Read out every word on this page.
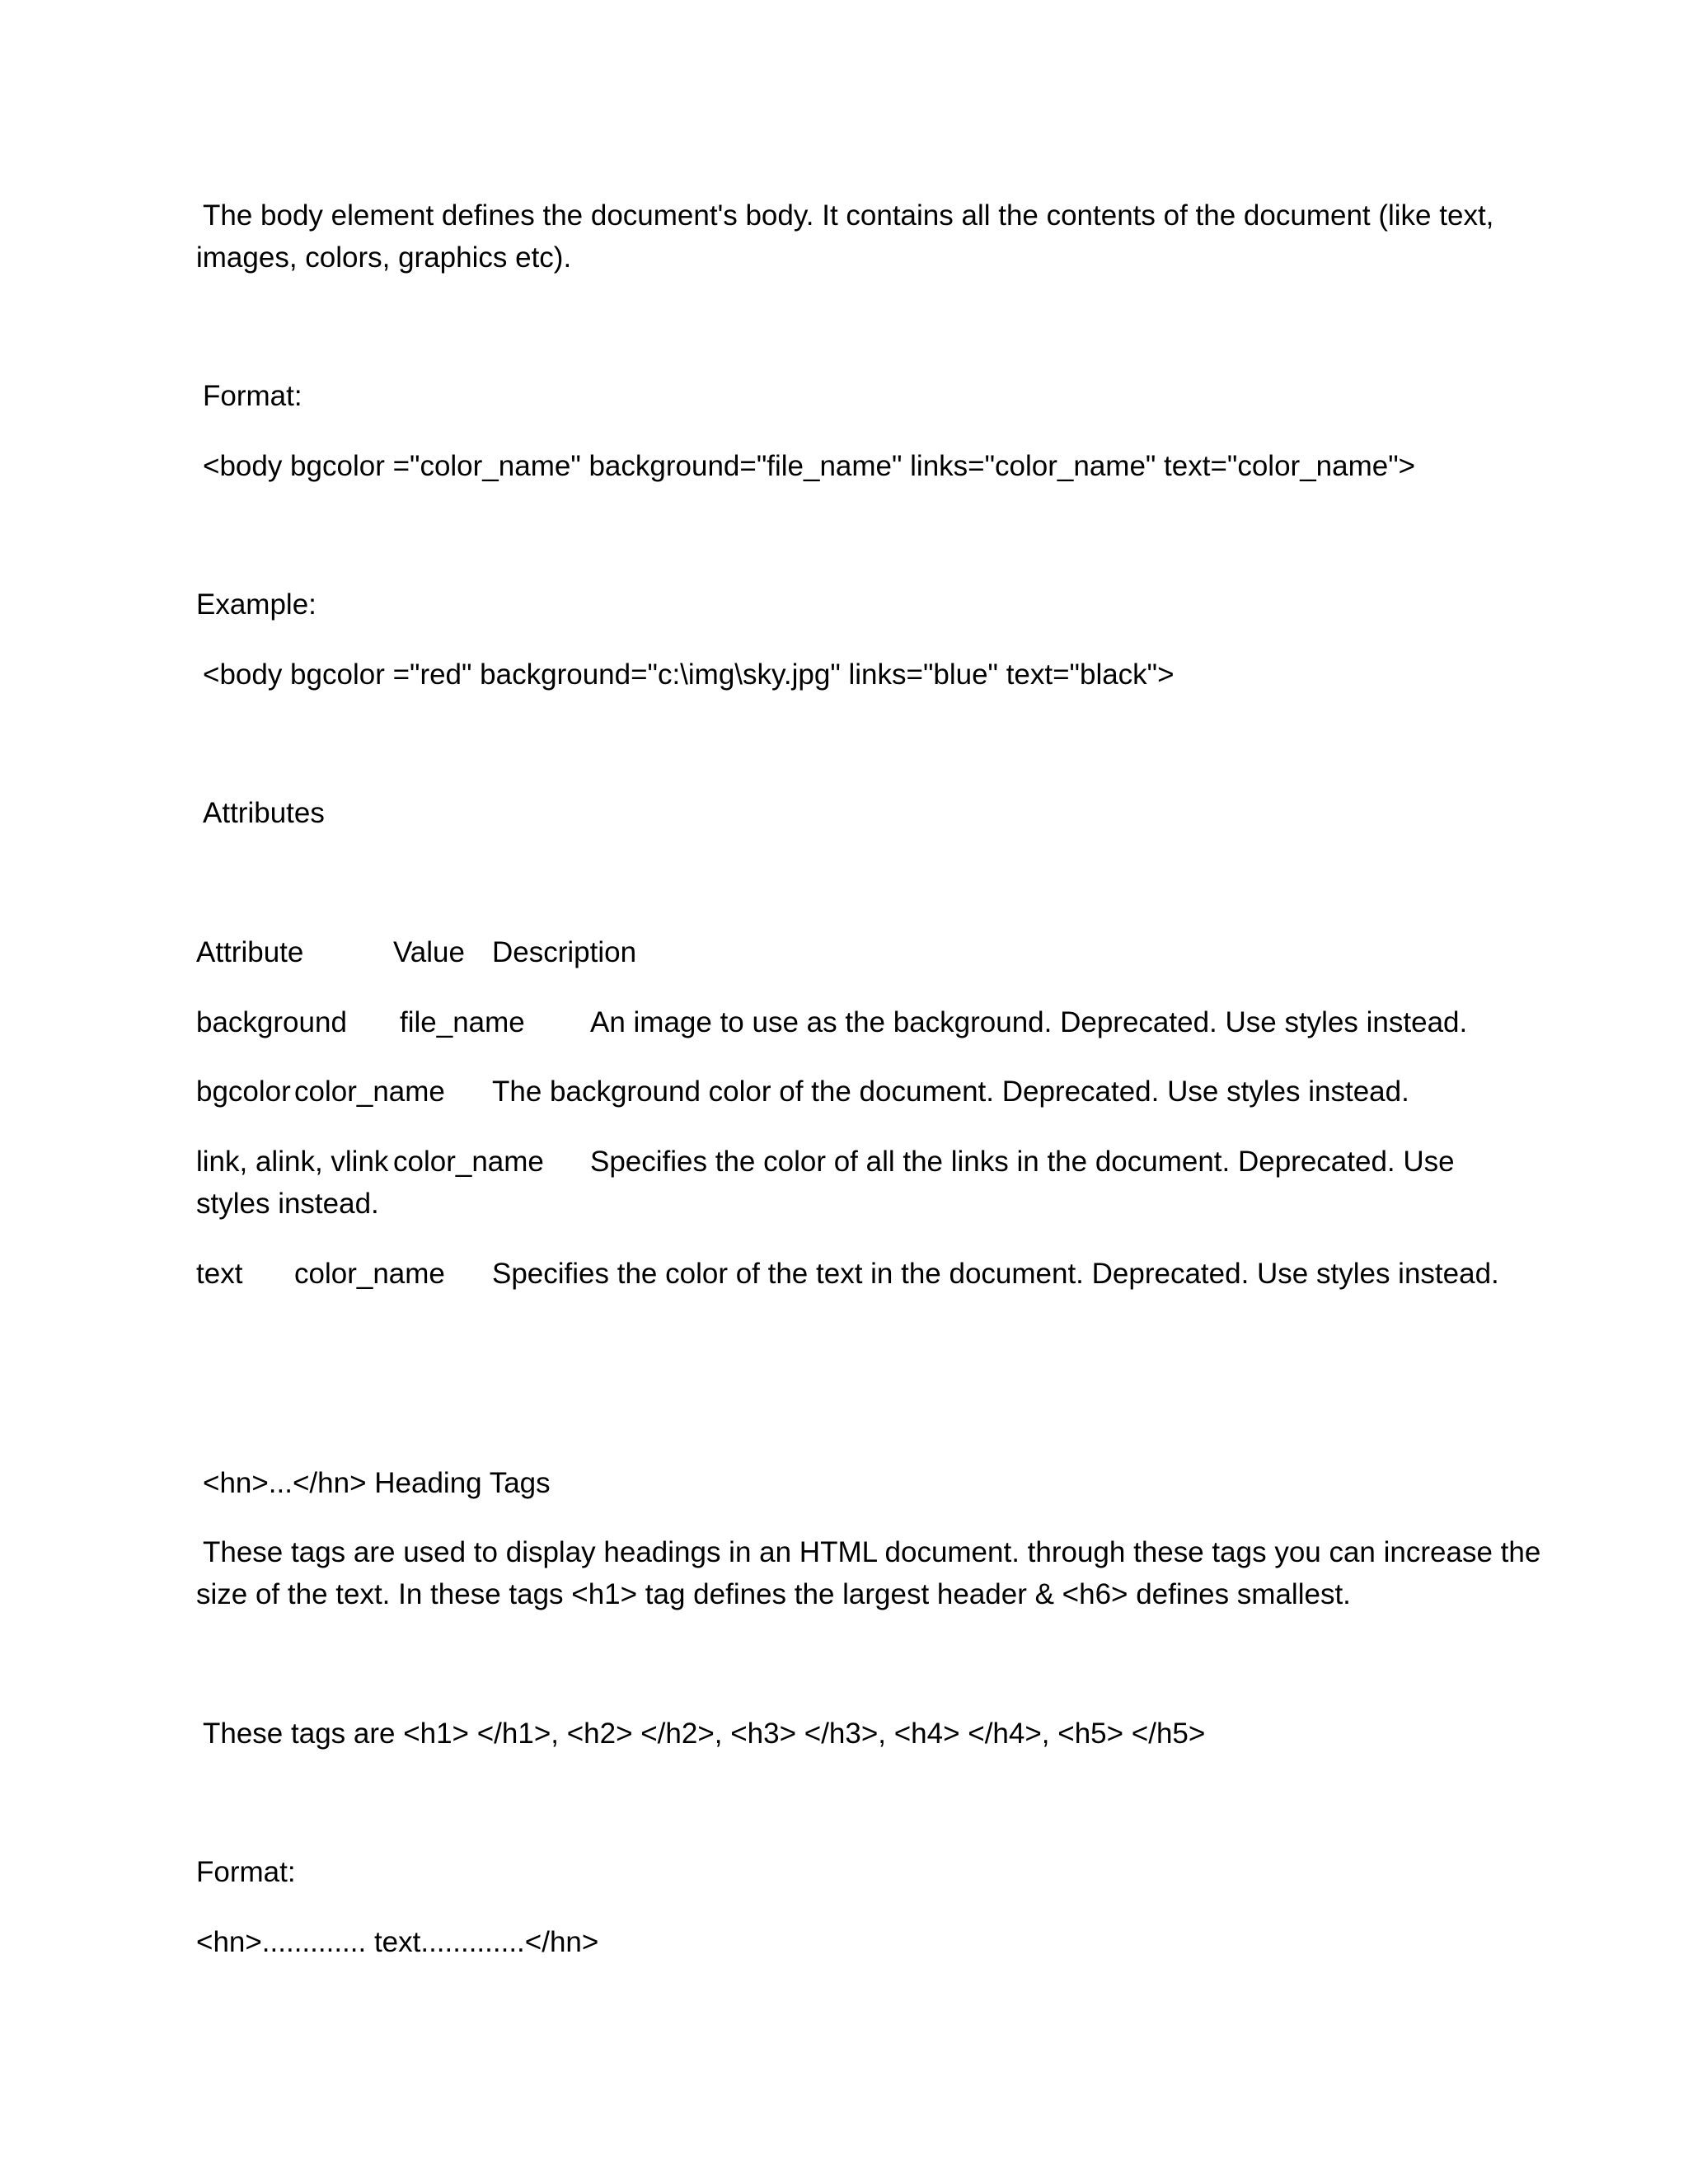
The body element defines the document's body. It contains all the contents of the document (like text,

images, colors, graphics etc).

Format:

<body bgcolor ="color_name" background="file_name" links="color_name" text="color_name">

Example:

<body bgcolor ="red" background="c:\img\sky.jpg" links="blue" text="black">

Attributes

Attribute	Value Description
background file_name An image to use as the background. Deprecated. Use styles instead.
bgcolor color_name The background color of the document. Deprecated. Use styles instead.
link, alink, vlink color_name Specifies the color of all the links in the document. Deprecated. Use
styles instead.
text color_name Specifies the color of the text in the document. Deprecated. Use styles instead.

<hn>...</hn> Heading Tags

These tags are used to display headings in an HTML document. through these tags you can increase the

size of the text. In these tags <h1> tag defines the largest header & <h6> defines smallest.

These tags are <h1> </h1>, <h2> </h2>, <h3> </h3>, <h4> </h4>, <h5> </h5>

Format:

<hn>............. text.............</hn>
